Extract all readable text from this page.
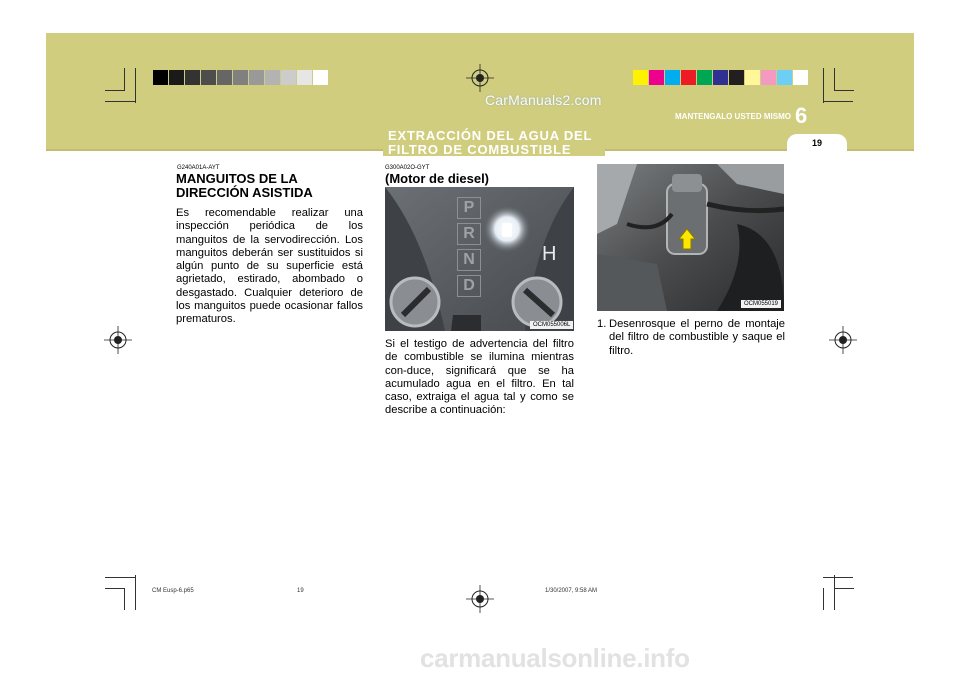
CarManuals2.com
MANTENGALO USTED MISMO 6
19
EXTRACCIÓN DEL AGUA DEL FILTRO DE COMBUSTIBLE
G240A01A-AYT
MANGUITOS DE LA DIRECCIÓN ASISTIDA
Es recomendable realizar una inspección periódica de los manguitos de la servodirección. Los manguitos deberán ser sustituidos si algún punto de su superficie está agrietado, estirado, abombado o desgastado. Cualquier deterioro de los manguitos puede ocasionar fallos prematuros.
G300A02O-GYT
(Motor de diesel)
P
R
N
D
H
OCM055006L
Si el testigo de advertencia del filtro de combustible se ilumina mientras con-duce, significará que se ha acumulado agua en el filtro. En tal caso, extraiga el agua tal y como se describe a continuación:
OCM055019
1. Desenrosque el perno de montaje del filtro de combustible y saque el filtro.
CM Eusp-6.p65	19	1/30/2007, 9:58 AM
carmanualsonline.info
